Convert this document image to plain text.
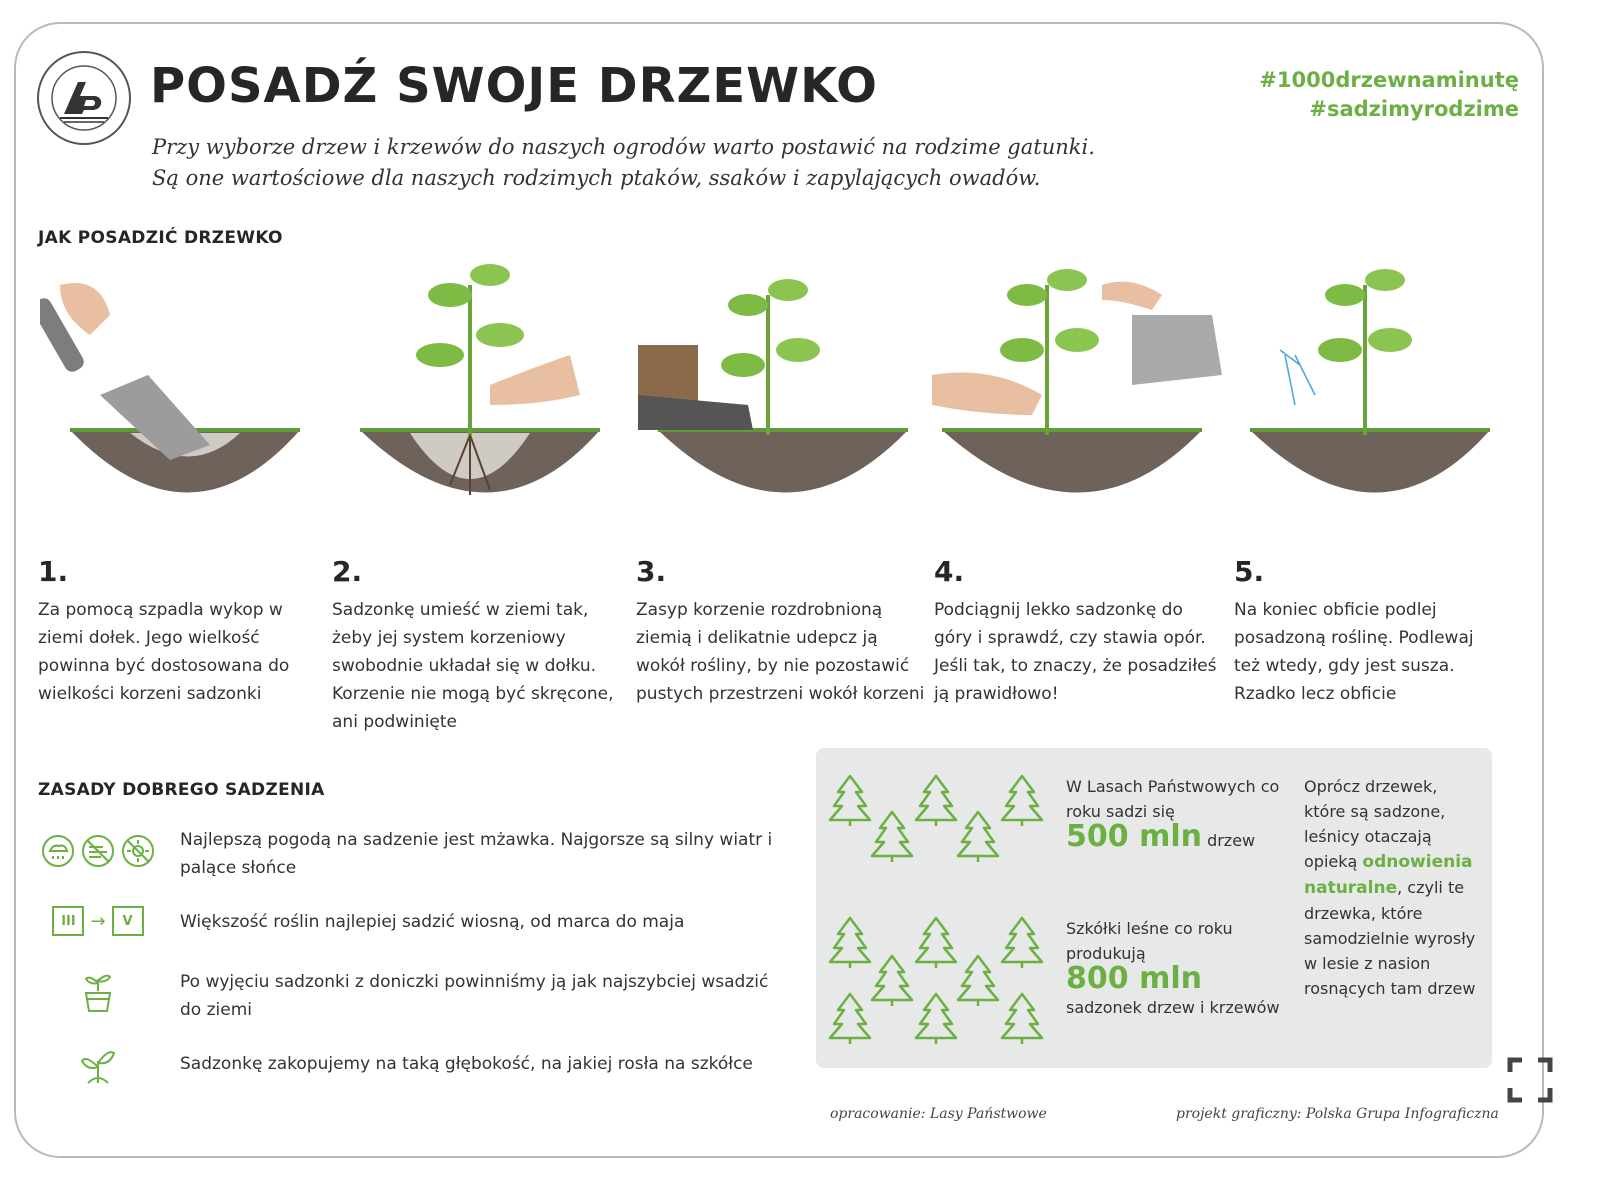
POSADŹ SWOJE DRZEWKO	#1000drzewnaminutę
#sadzimyrodzime
Przy wyborze drzew i krzewów do naszych ogrodów warto postawić na rodzime gatunki.
Są one wartościowe dla naszych rodzimych ptaków, ssaków i zapylających owadów.
JAK POSADZIĆ DRZEWKO
1.
Za pomocą szpadla wykop w ziemi dołek. Jego wielkość powinna być dostosowana do wielkości korzeni sadzonki
2.
Sadzonkę umieść w ziemi tak, żeby jej system korzeniowy swobodnie układał się w dołku. Korzenie nie mogą być skręcone, ani podwinięte
3.
Zasyp korzenie rozdrobnioną ziemią i delikatnie udepcz ją wokół rośliny, by nie pozostawić pustych przestrzeni wokół korzeni
4.
Podciągnij lekko sadzonkę do góry i sprawdź, czy stawia opór. Jeśli tak, to znaczy, że posadziłeś ją prawidłowo!
5.
Na koniec obficie podlej posadzoną roślinę. Podlewaj też wtedy, gdy jest susza. Rzadko lecz obficie
ZASADY DOBREGO SADZENIA
Najlepszą pogodą na sadzenie jest mżawka. Najgorsze są silny wiatr i palące słońce
III →	V	Większość roślin najlepiej sadzić wiosną, od marca do maja
Po wyjęciu sadzonki z doniczki powinniśmy ją jak najszybciej wsadzić do ziemi
Sadzonkę zakopujemy na taką głębokość, na jakiej rosła na szkółce
W Lasach Państwowych co roku sadzi się
500 mln drzew
Szkółki leśne co roku produkują
800 mln
sadzonek drzew i krzewów
Oprócz drzewek, które są sadzone, leśnicy otaczają opieką odnowienia naturalne, czyli te drzewka, które samodzielnie wyrosły w lesie z nasion rosnących tam drzew
opracowanie: Lasy Państwowe	projekt graficzny: Polska Grupa Infograficzna
